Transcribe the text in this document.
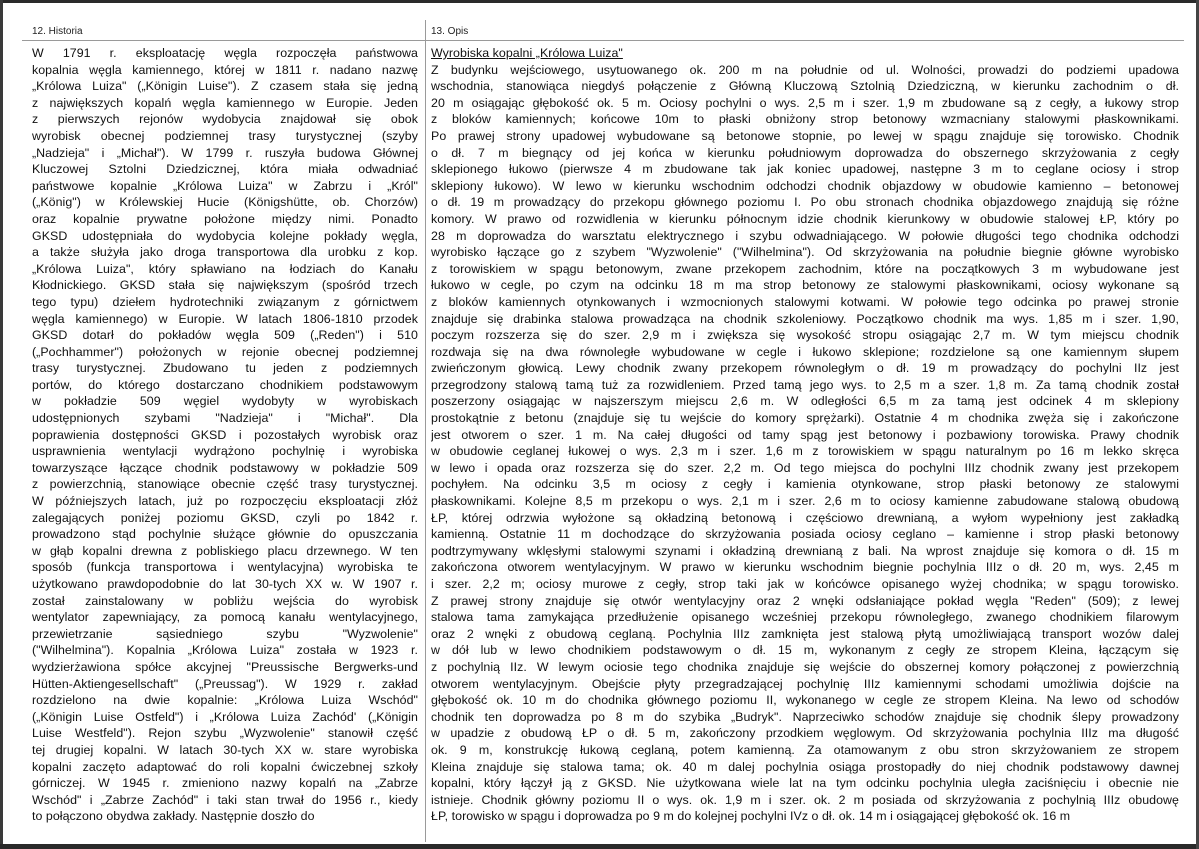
12. Historia	13. Opis
W 1791 r. eksploatację węgla rozpoczęła państwowa
kopalnia węgla kamiennego, której w 1811 r. nadano nazwę
„Królowa Luiza" („Königin Luise"). Z czasem stała się jedną
z największych kopalń węgla kamiennego w Europie. Jeden
z pierwszych rejonów wydobycia znajdował się obok
wyrobisk obecnej podziemnej trasy turystycznej (szyby
„Nadzieja" i „Michał"). W 1799 r. ruszyła budowa Głównej
Kluczowej Sztolni Dziedzicznej, która miała odwadniać
państwowe kopalnie „Królowa Luiza" w Zabrzu i „Król"
(„König") w Królewskiej Hucie (Königshütte, ob. Chorzów)
oraz kopalnie prywatne położone między nimi. Ponadto
GKSD udostępniała do wydobycia kolejne pokłady węgla,
a także służyła jako droga transportowa dla urobku z kop.
„Królowa Luiza", który spławiano na łodziach do Kanału
Kłodnickiego. GKSD stała się największym (spośród trzech
tego typu) dziełem hydrotechniki związanym z górnictwem
węgla kamiennego) w Europie. W latach 1806-1810 przodek
GKSD dotarł do pokładów węgla 509 („Reden") i 510
(„Pochhammer") położonych w rejonie obecnej podziemnej
trasy turystycznej. Zbudowano tu jeden z podziemnych
portów, do którego dostarczano chodnikiem podstawowym
w pokładzie 509 węgiel wydobyty w wyrobiskach
udostępnionych szybami "Nadzieja" i "Michał". Dla
poprawienia dostępności GKSD i pozostałych wyrobisk oraz
usprawnienia wentylacji wydrążono pochylnię i wyrobiska
towarzyszące łączące chodnik podstawowy w pokładzie 509
z powierzchnią, stanowiące obecnie część trasy turystycznej.
W późniejszych latach, już po rozpoczęciu eksploatacji złóż
zalegających poniżej poziomu GKSD, czyli po 1842 r.
prowadzono stąd pochylnie służące głównie do opuszczania
w głąb kopalni drewna z pobliskiego placu drzewnego. W ten
sposób (funkcja transportowa i wentylacyjna) wyrobiska te
użytkowano prawdopodobnie do lat 30-tych XX w. W 1907 r.
został zainstalowany w pobliżu wejścia do wyrobisk
wentylator zapewniający, za pomocą kanału wentylacyjnego,
przewietrzanie sąsiedniego szybu "Wyzwolenie"
("Wilhelmina"). Kopalnia „Królowa Luiza" została w 1923 r.
wydzierżawiona spółce akcyjnej "Preussische Bergwerks-und
Hütten-Aktiengesellschaft" („Preussag"). W 1929 r. zakład
rozdzielono na dwie kopalnie: „Królowa Luiza Wschód"
(„Königin Luise Ostfeld") i „Królowa Luiza Zachód' („Königin
Luise Westfeld"). Rejon szybu „Wyzwolenie" stanowił część
tej drugiej kopalni. W latach 30-tych XX w. stare wyrobiska
kopalni zaczęto adaptować do roli kopalni ćwiczebnej szkoły
górniczej. W 1945 r. zmieniono nazwy kopalń na „Zabrze
Wschód" i „Zabrze Zachód" i taki stan trwał do 1956 r., kiedy
to połączono obydwa zakłady. Następnie doszło do
Wyrobiska kopalni „Królowa Luiza"
Z budynku wejściowego, usytuowanego ok. 200 m na południe od ul. Wolności, prowadzi do podziemi upadowa
wschodnia, stanowiąca niegdyś połączenie z Główną Kluczową Sztolnią Dziedziczną, w kierunku zachodnim o dł.
20 m osiągając głębokość ok. 5 m. Ociosy pochylni o wys. 2,5 m i szer. 1,9 m zbudowane są z cegły, a łukowy strop
z bloków kamiennych; końcowe 10m to płaski obniżony strop betonowy wzmacniany stalowymi płaskownikami.
Po prawej strony upadowej wybudowane są betonowe stopnie, po lewej w spągu znajduje się torowisko. Chodnik
o dł. 7 m biegnący od jej końca w kierunku południowym doprowadza do obszernego skrzyżowania z cegły
sklepionego łukowo (pierwsze 4 m zbudowane tak jak koniec upadowej, następne 3 m to ceglane ociosy i strop
sklepiony łukowo). W lewo w kierunku wschodnim odchodzi chodnik objazdowy w obudowie kamienno – betonowej
o dł. 19 m prowadzący do przekopu głównego poziomu I. Po obu stronach chodnika objazdowego znajdują się różne
komory. W prawo od rozwidlenia w kierunku północnym idzie chodnik kierunkowy w obudowie stalowej ŁP, który po
28 m doprowadza do warsztatu elektrycznego i szybu odwadniającego. W połowie długości tego chodnika odchodzi
wyrobisko łączące go z szybem "Wyzwolenie" ("Wilhelmina"). Od skrzyżowania na południe biegnie główne wyrobisko
z torowiskiem w spągu betonowym, zwane przekopem zachodnim, które na początkowych 3 m wybudowane jest
łukowo w cegle, po czym na odcinku 18 m ma strop betonowy ze stalowymi płaskownikami, ociosy wykonane są
z bloków kamiennych otynkowanych i wzmocnionych stalowymi kotwami. W połowie tego odcinka po prawej stronie
znajduje się drabinka stalowa prowadząca na chodnik szkoleniowy. Początkowo chodnik ma wys. 1,85 m i szer. 1,90,
poczym rozszerza się do szer. 2,9 m i zwiększa się wysokość stropu osiągając 2,7 m. W tym miejscu chodnik
rozdwaja się na dwa równoległe wybudowane w cegle i łukowo sklepione; rozdzielone są one kamiennym słupem
zwieńczonym głowicą. Lewy chodnik zwany przekopem równoległym o dł. 19 m prowadzący do pochylni IIz jest
przegrodzony stalową tamą tuż za rozwidleniem. Przed tamą jego wys. to 2,5 m a szer. 1,8 m. Za tamą chodnik został
poszerzony osiągając w najszerszym miejscu 2,6 m. W odległości 6,5 m za tamą jest odcinek 4 m sklepiony
prostokątnie z betonu (znajduje się tu wejście do komory sprężarki). Ostatnie 4 m chodnika zwęża się i zakończone
jest otworem o szer. 1 m. Na całej długości od tamy spąg jest betonowy i pozbawiony torowiska. Prawy chodnik
w obudowie ceglanej łukowej o wys. 2,3 m i szer. 1,6 m z torowiskiem w spągu naturalnym po 16 m lekko skręca
w lewo i opada oraz rozszerza się do szer. 2,2 m. Od tego miejsca do pochylni IIIz chodnik zwany jest przekopem
pochyłem. Na odcinku 3,5 m ociosy z cegły i kamienia otynkowane, strop płaski betonowy ze stalowymi
płaskownikami. Kolejne 8,5 m przekopu o wys. 2,1 m i szer. 2,6 m to ociosy kamienne zabudowane stalową obudową
ŁP, której odrzwia wyłożone są okładziną betonową i częściowo drewnianą, a wyłom wypełniony jest zakładką
kamienną. Ostatnie 11 m dochodzące do skrzyżowania posiada ociosy ceglano – kamienne i strop płaski betonowy
podtrzymywany wklęsłymi stalowymi szynami i okładziną drewnianą z bali. Na wprost znajduje się komora o dł. 15 m
zakończona otworem wentylacyjnym. W prawo w kierunku wschodnim biegnie pochylnia IIIz o dł. 20 m, wys. 2,45 m
i szer. 2,2 m; ociosy murowe z cegły, strop taki jak w końcówce opisanego wyżej chodnika; w spągu torowisko.
Z prawej strony znajduje się otwór wentylacyjny oraz 2 wnęki odsłaniające pokład węgla "Reden" (509); z lewej
stalowa tama zamykająca przedłużenie opisanego wcześniej przekopu równoległego, zwanego chodnikiem filarowym
oraz 2 wnęki z obudową ceglaną. Pochylnia IIIz zamknięta jest stalową płytą umożliwiającą transport wozów dalej
w dół lub w lewo chodnikiem podstawowym o dł. 15 m, wykonanym z cegły ze stropem Kleina, łączącym się
z pochylnią IIz. W lewym ociosie tego chodnika znajduje się wejście do obszernej komory połączonej z powierzchnią
otworem wentylacyjnym. Obejście płyty przegradzającej pochylnię IIIz kamiennymi schodami umożliwia dojście na
głębokość ok. 10 m do chodnika głównego poziomu II, wykonanego w cegle ze stropem Kleina. Na lewo od schodów
chodnik ten doprowadza po 8 m do szybika „Budryk". Naprzeciwko schodów znajduje się chodnik ślepy prowadzony
w upadzie z obudową ŁP o dł. 5 m, zakończony przodkiem węglowym. Od skrzyżowania pochylnia IIIz ma długość
ok. 9 m, konstrukcję łukową ceglaną, potem kamienną. Za otamowanym z obu stron skrzyżowaniem ze stropem
Kleina znajduje się stalowa tama; ok. 40 m dalej pochylnia osiąga prostopadły do niej chodnik podstawowy dawnej
kopalni, który łączył ją z GKSD. Nie użytkowana wiele lat na tym odcinku pochylnia uległa zaciśnięciu i obecnie nie
istnieje. Chodnik główny poziomu II o wys. ok. 1,9 m i szer. ok. 2 m posiada od skrzyżowania z pochylnią IIIz obudowę
ŁP, torowisko w spągu i doprowadza po 9 m do kolejnej pochylni IVz o dł. ok. 14 m i osiągającej głębokość ok. 16 m
